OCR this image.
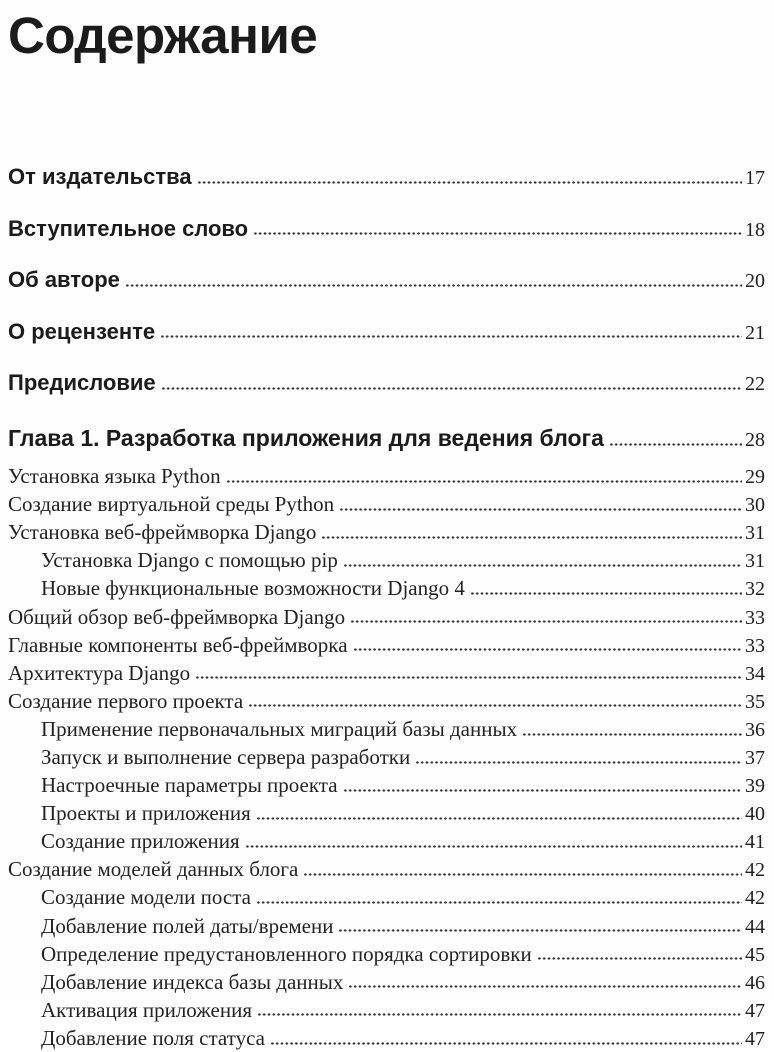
Содержание
От издательства	17
Вступительное слово	18
Об авторе	20
О рецензенте	21
Предисловие	22
Глава 1. Разработка приложения для ведения блога	28
Установка языка Python	29
Создание виртуальной среды Python	30
Установка веб-фреймворка Django	31
Установка Django с помощью pip	31
Новые функциональные возможности Django 4	32
Общий обзор веб-фреймворка Django	33
Главные компоненты веб-фреймворка	33
Архитектура Django	34
Создание первого проекта	35
Применение первоначальных миграций базы данных	36
Запуск и выполнение сервера разработки	37
Настроечные параметры проекта	39
Проекты и приложения	40
Создание приложения	41
Создание моделей данных блога	42
Создание модели поста	42
Добавление полей даты/времени	44
Определение предустановленного порядка сортировки	45
Добавление индекса базы данных	46
Активация приложения	47
Добавление поля статуса	47
